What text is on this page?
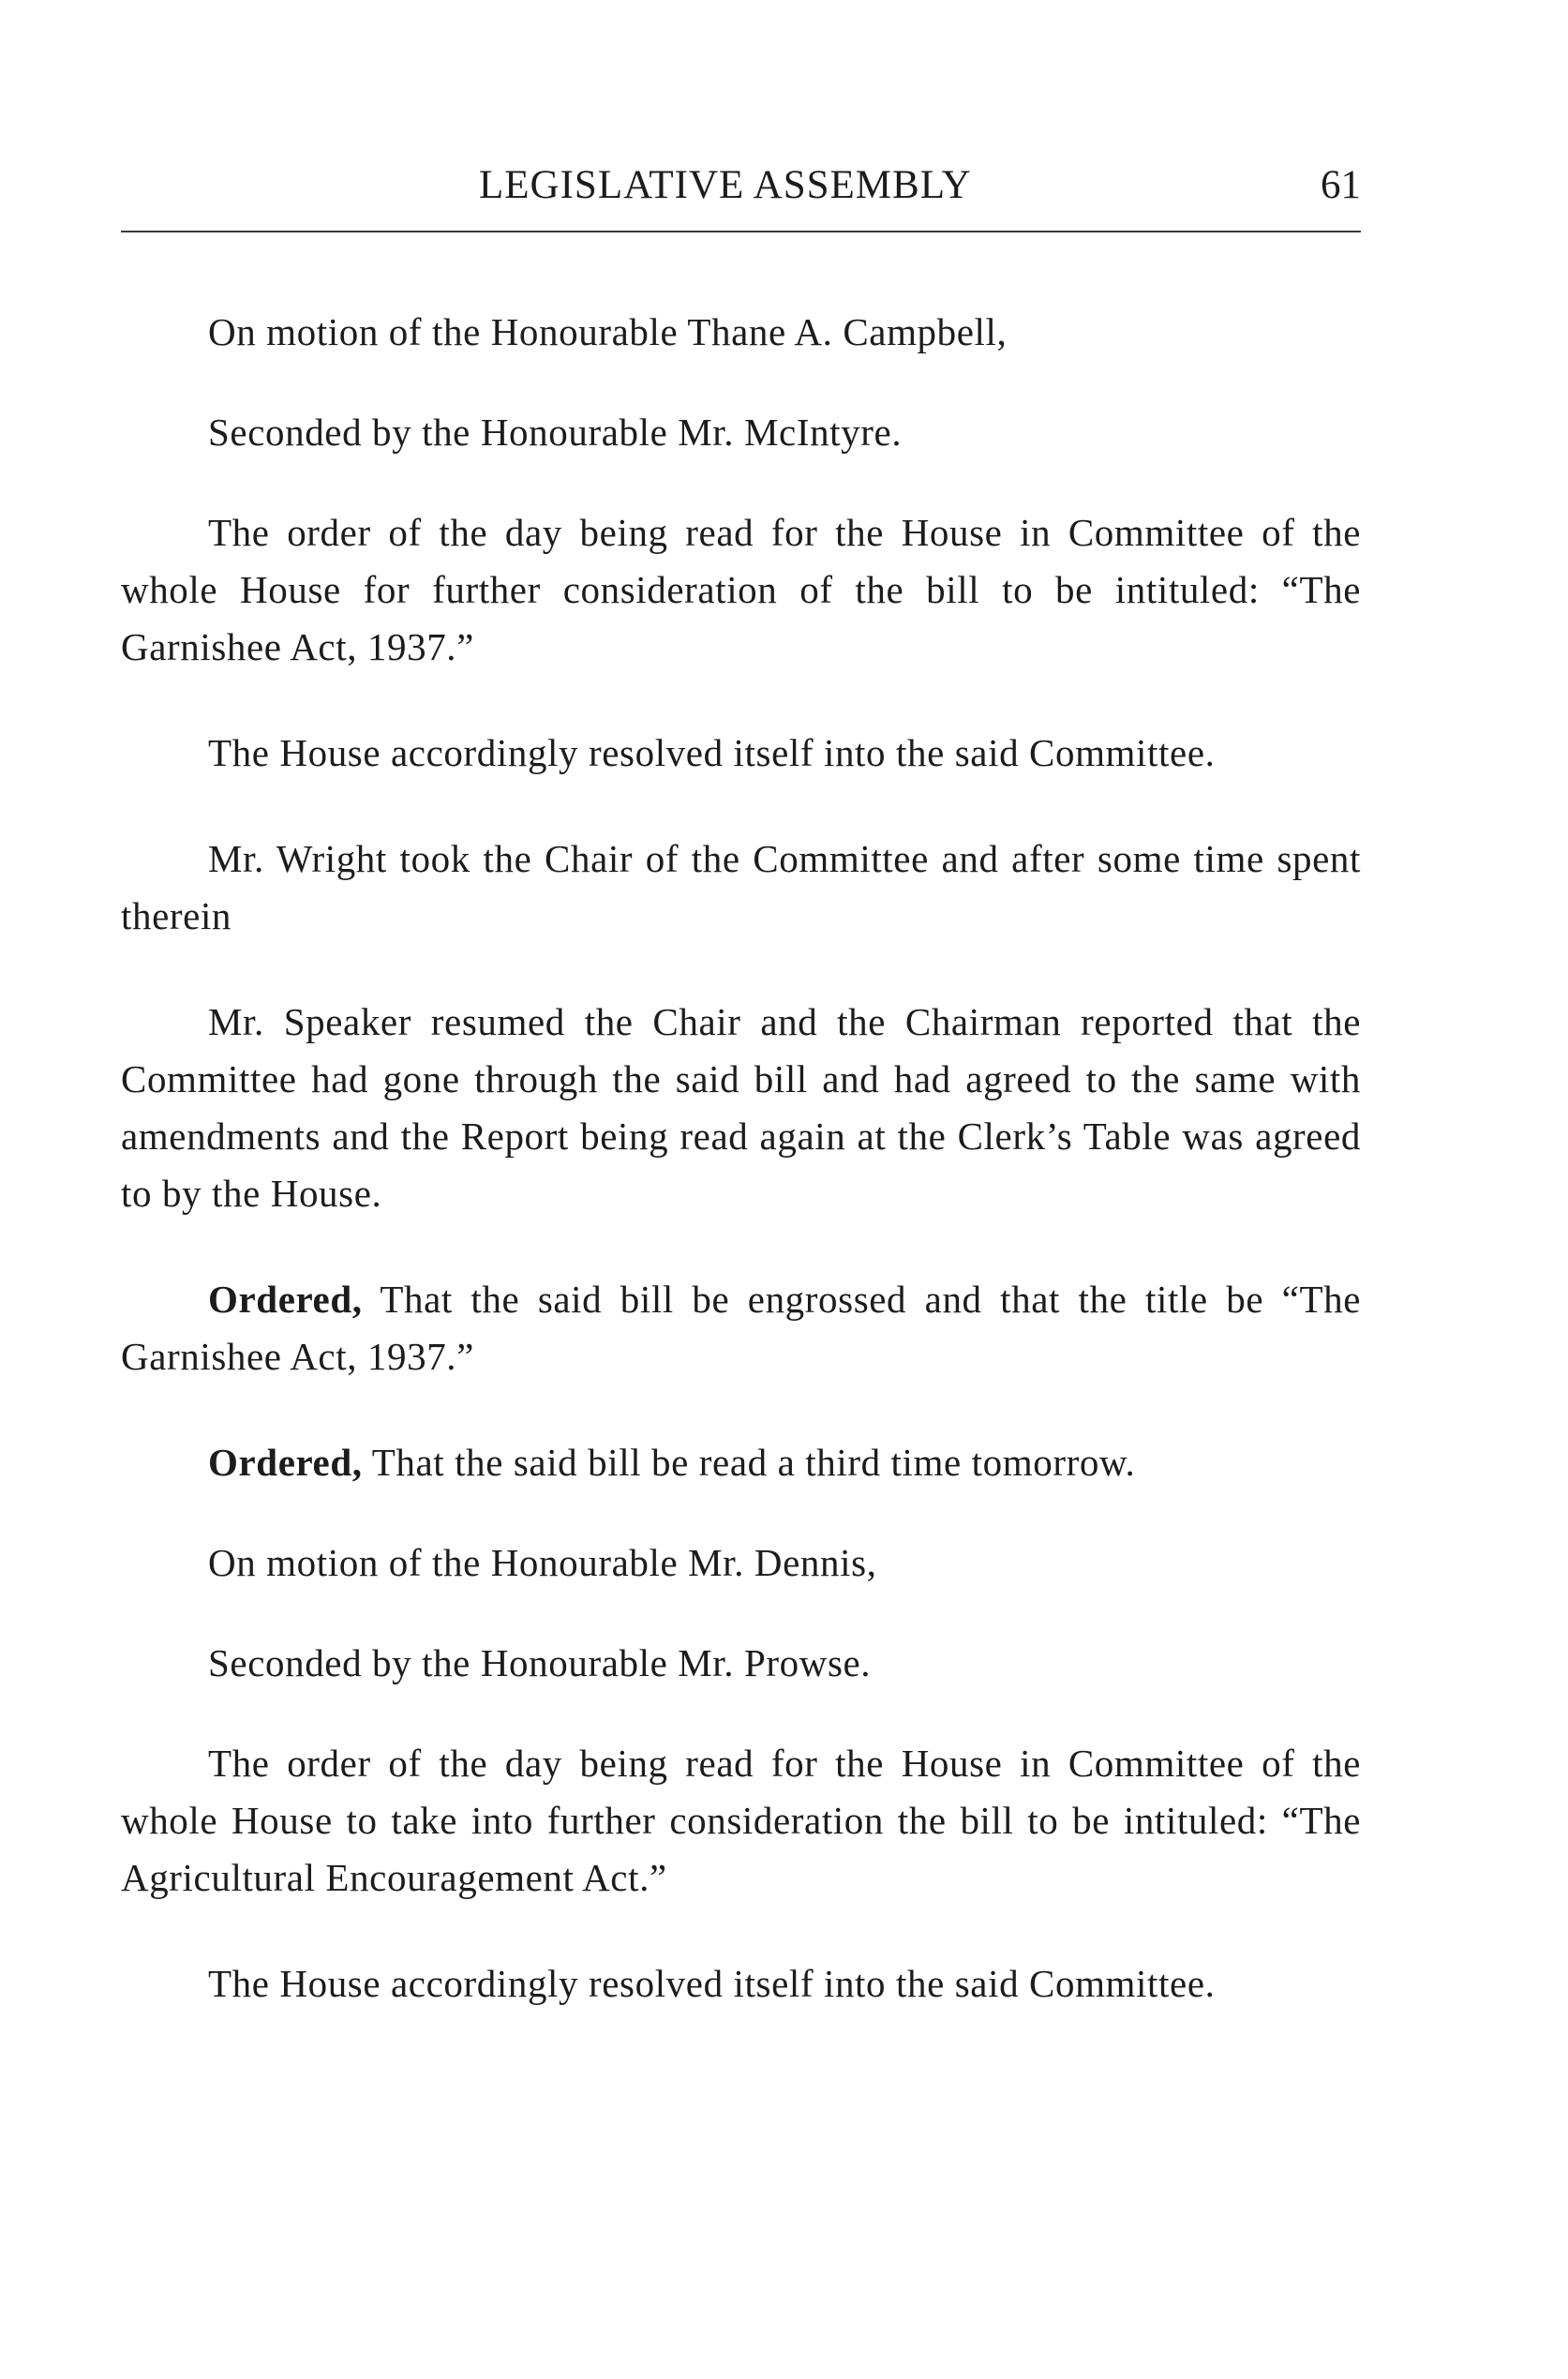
LEGISLATIVE ASSEMBLY	61

On motion of the Honourable Thane A. Campbell,

Seconded by the Honourable Mr. McIntyre.

The order of the day being read for the House in Committee of the whole House for further consideration of the bill to be intituled: “The Garnishee Act, 1937.”

The House accordingly resolved itself into the said Committee.

Mr. Wright took the Chair of the Committee and after some time spent therein

Mr. Speaker resumed the Chair and the Chairman reported that the Committee had gone through the said bill and had agreed to the same with amendments and the Report being read again at the Clerk’s Table was agreed to by the House.

Ordered, That the said bill be engrossed and that the title be “The Garnishee Act, 1937.”

Ordered, That the said bill be read a third time tomorrow.

On motion of the Honourable Mr. Dennis,

Seconded by the Honourable Mr. Prowse.

The order of the day being read for the House in Committee of the whole House to take into further consideration the bill to be intituled: “The Agricultural Encouragement Act.”

The House accordingly resolved itself into the said Committee.
